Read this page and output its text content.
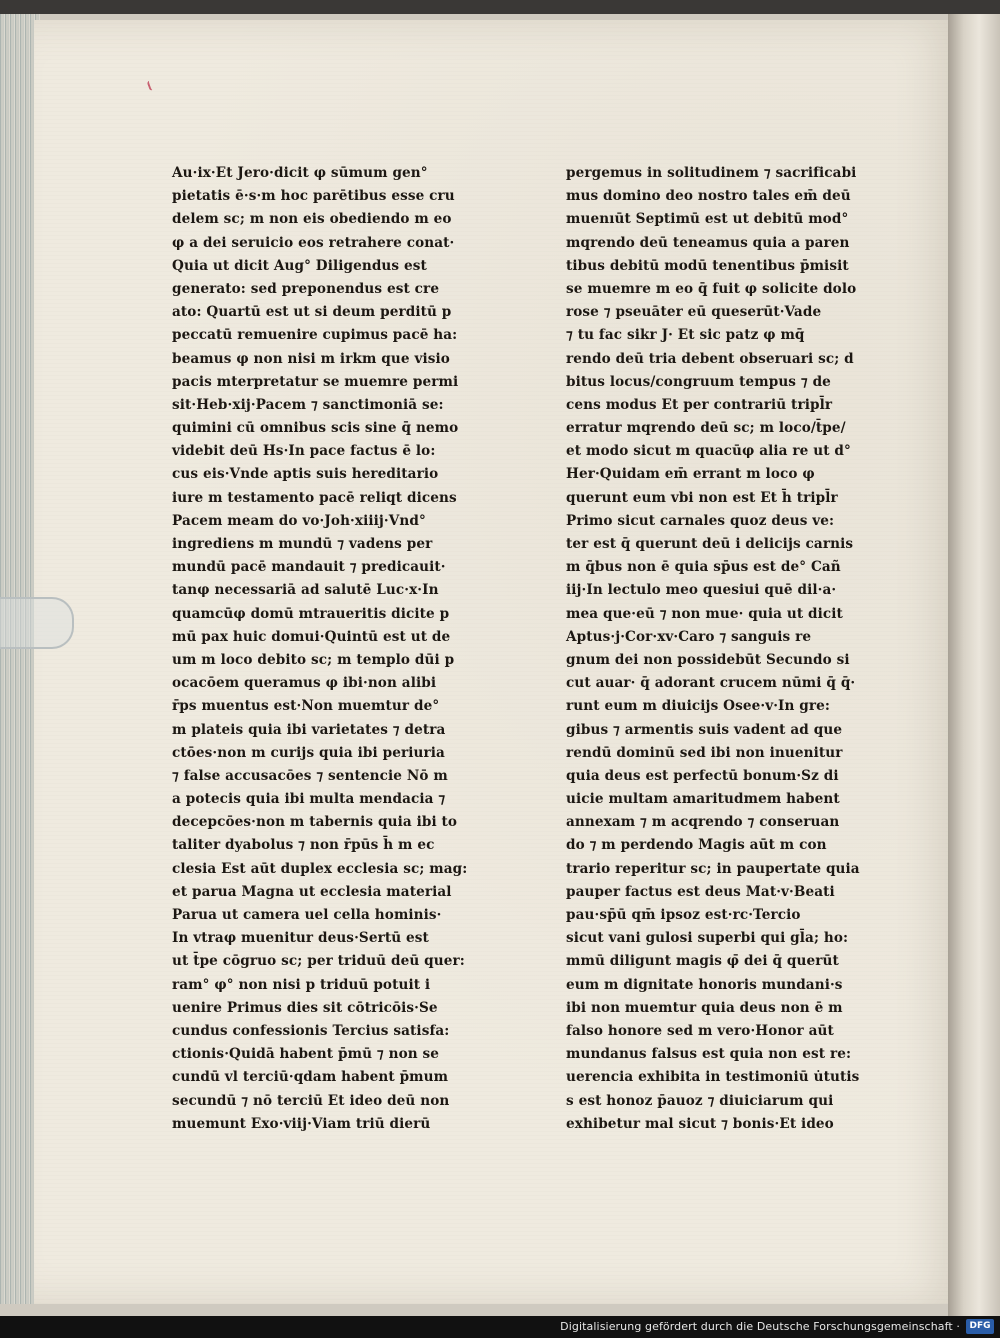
Au·ix·Et Jero·dicit φ sūmum gen°
pietatis ē·s·m hoc parētibus esse cru
delem sc; m non eis obediendo m eo
φ a dei seruicio eos retrahere conat·
Quia ut dicit Aug° Diligendus est
generato: sed preponendus est cre
ato: Quartū est ut si deum perditū p
peccatū remuenire cupimus pacē ha:
beamus φ non nisi m irkm que visio
pacis mterpretatur se muemre permi
sit·Heb·xij·Pacem ⁊ sanctimoniā se:
quimini cū omnibus scis sine q̄ nemo
videbit deū Hs·In pace factus ē lo:
cus eis·Vnde aptis suis hereditario
iure m testamento pacē reliqt dicens
Pacem meam do vo·Joh·xiiij·Vnd°
ingrediens m mundū ⁊ vadens per
mundū pacē mandauit ⁊ predicauit·
tanφ necessariā ad salutē Luc·x·In
quamcūφ domū mtraueritis dicite p
mū pax huic domui·Quintū est ut de
um m loco debito sc; m templo dūi p
ocacōem queramus φ ibi·non alibi
r̄ps muentus est·Non muemtur de°
m plateis quia ibi varietates ⁊ detra
ctōes·non m curijs quia ibi periuria
⁊ false accusacōes ⁊ sentencie Nō m
a potecis quia ibi multa mendacia ⁊
decepcōes·non m tabernis quia ibi to
taliter dyabolus ⁊ non r̄pūs h̄ m ec
clesia Est aūt duplex ecclesia sc; mag:
et parua Magna ut ecclesia material
Parua ut camera uel cella hominis·
In vtraφ muenitur deus·Sertū est
ut t̄pe cōgruo sc; per triduū deū quer:
ram° φ° non nisi p triduū potuit i
uenire Primus dies sit cōtricōis·Se
cundus confessionis Tercius satisfa:
ctionis·Quidā habent p̄mū ⁊ non se
cundū vl terciū·qdam habent p̄mum
secundū ⁊ nō terciū Et ideo deū non
muemunt Exo·viij·Viam triū dierū
pergemus in solitudinem ⁊ sacrificabi
mus domino deo nostro tales em̄ deū
muenıūt Septimū est ut debitū mod°
mqrendo deū teneamus quia a paren
tibus debitū modū tenentibus p̄misit
se muemre m eo q̄ fuit φ solicite dolo
rose ⁊ pseuāter eū queserūt·Vade
⁊ tu fac sikr J· Et sic patz φ mq̄
rendo deū tria debent obseruari sc; d
bitus locus/congruum tempus ⁊ de
cens modus Et per contrariū tripl̄r
erratur mqrendo deū sc; m loco/t̄pe/
et modo sicut m quacūφ alia re ut d°
Her·Quidam em̄ errant m loco φ
querunt eum vbi non est Et h̄ tripl̄r
Primo sicut carnales quoz deus ve:
ter est q̄ querunt deū i delicijs carnis
m q̄bus non ē quia sp̄us est de° Cañ
iij·In lectulo meo quesiui quē dil·a·
mea que·eū ⁊ non mue· quia ut dicit
Aptus·j·Cor·xv·Caro ⁊ sanguis re
gnum dei non possidebūt Secundo si
cut auar· q̄ adorant crucem nūmi q̄ q̄·
runt eum m diuicijs Osee·v·In gre:
gibus ⁊ armentis suis vadent ad que
rendū dominū sed ibi non inuenitur
quia deus est perfectū bonum·Sz di
uicie multam amaritudmem habent
annexam ⁊ m acqrendo ⁊ conseruan
do ⁊ m perdendo Magis aūt m con
trario reperitur sc; in paupertate quia
pauper factus est deus Mat·v·Beati
pau·sp̄ū qm̄ ipsoz est·rc·Tercio
sicut vani gulosi superbi qui gl̄a; ho:
mmū diligunt magis φ̄ dei q̄ querūt
eum m dignitate honoris mundani·s
ibi non muemtur quia deus non ē m
falso honore sed m vero·Honor aūt
mundanus falsus est quia non est re:
uerencia exhibita in testimoniū u̇tutis
s est honoz p̄auoz ⁊ diuiciarum qui
exhibetur mal sicut ⁊ bonis·Et ideo
Digitalisierung gefördert durch die Deutsche Forschungsgemeinschaft ·	DFG
